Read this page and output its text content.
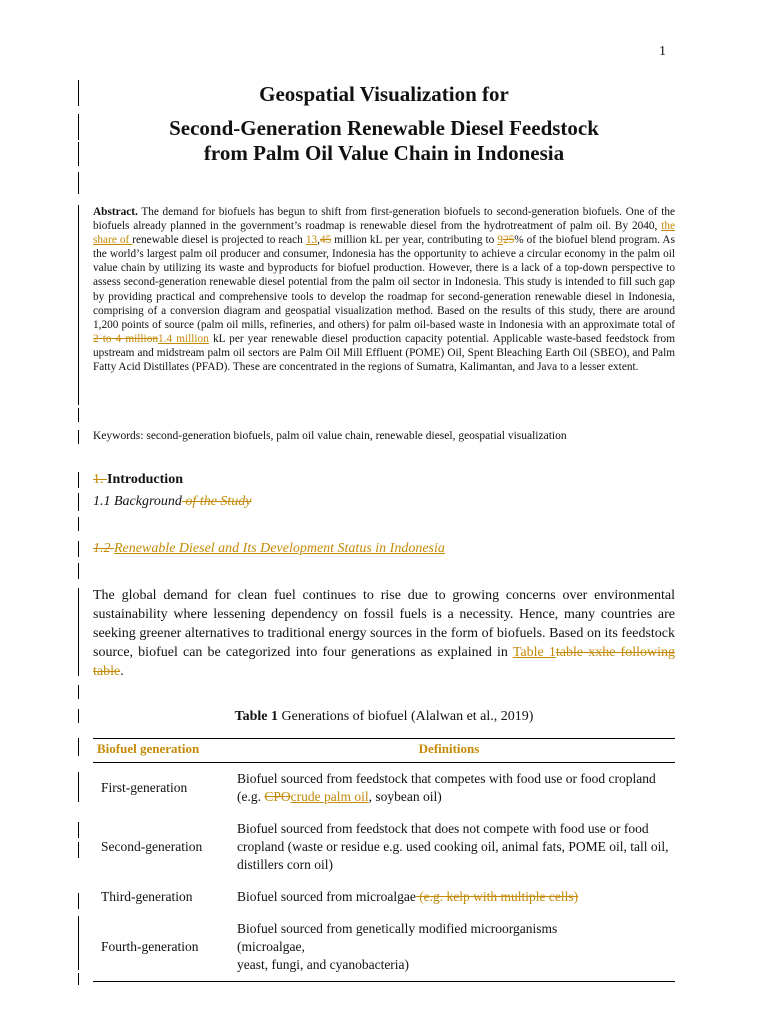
1
Geospatial Visualization for
Second-Generation Renewable Diesel Feedstock
from Palm Oil Value Chain in Indonesia
Abstract. The demand for biofuels has begun to shift from first-generation biofuels to second-generation biofuels. One of the biofuels already planned in the government’s roadmap is renewable diesel from the hydrotreatment of palm oil. By 2040, the share of renewable diesel is projected to reach 13,45 million kL per year, contributing to 925% of the biofuel blend program. As the world’s largest palm oil producer and consumer, Indonesia has the opportunity to achieve a circular economy in the palm oil value chain by utilizing its waste and byproducts for biofuel production. However, there is a lack of a top-down perspective to assess second-generation renewable diesel potential from the palm oil sector in Indonesia. This study is intended to fill such gap by providing practical and comprehensive tools to develop the roadmap for second-generation renewable diesel in Indonesia, comprising of a conversion diagram and geospatial visualization method. Based on the results of this study, there are around 1,200 points of source (palm oil mills, refineries, and others) for palm oil-based waste in Indonesia with an approximate total of 2 to 4 million1.4 million kL per year renewable diesel production capacity potential. Applicable waste-based feedstock from upstream and midstream palm oil sectors are Palm Oil Mill Effluent (POME) Oil, Spent Bleaching Earth Oil (SBEO), and Palm Fatty Acid Distillates (PFAD). These are concentrated in the regions of Sumatra, Kalimantan, and Java to a lesser extent.
Keywords: second-generation biofuels, palm oil value chain, renewable diesel, geospatial visualization
1. Introduction
1.1 Background of the Study
1.2 Renewable Diesel and Its Development Status in Indonesia
The global demand for clean fuel continues to rise due to growing concerns over environmental sustainability where lessening dependency on fossil fuels is a necessity. Hence, many countries are seeking greener alternatives to traditional energy sources in the form of biofuels. Based on its feedstock source, biofuel can be categorized into four generations as explained in Table 1table xxhe following table.
Table 1 Generations of biofuel (Alalwan et al., 2019)
Biofuel generation	Definitions
First-generation	Biofuel sourced from feedstock that competes with food use or food cropland (e.g. CPOcrude palm oil, soybean oil)
Second-generation	Biofuel sourced from feedstock that does not compete with food use or food cropland (waste or residue e.g. used cooking oil, animal fats, POME oil, tall oil, distillers corn oil)
Third-generation	Biofuel sourced from microalgae (e.g. kelp with multiple cells)
Fourth-generation	Biofuel sourced from genetically modified microorganisms
(microalgae,
yeast, fungi, and cyanobacteria)
